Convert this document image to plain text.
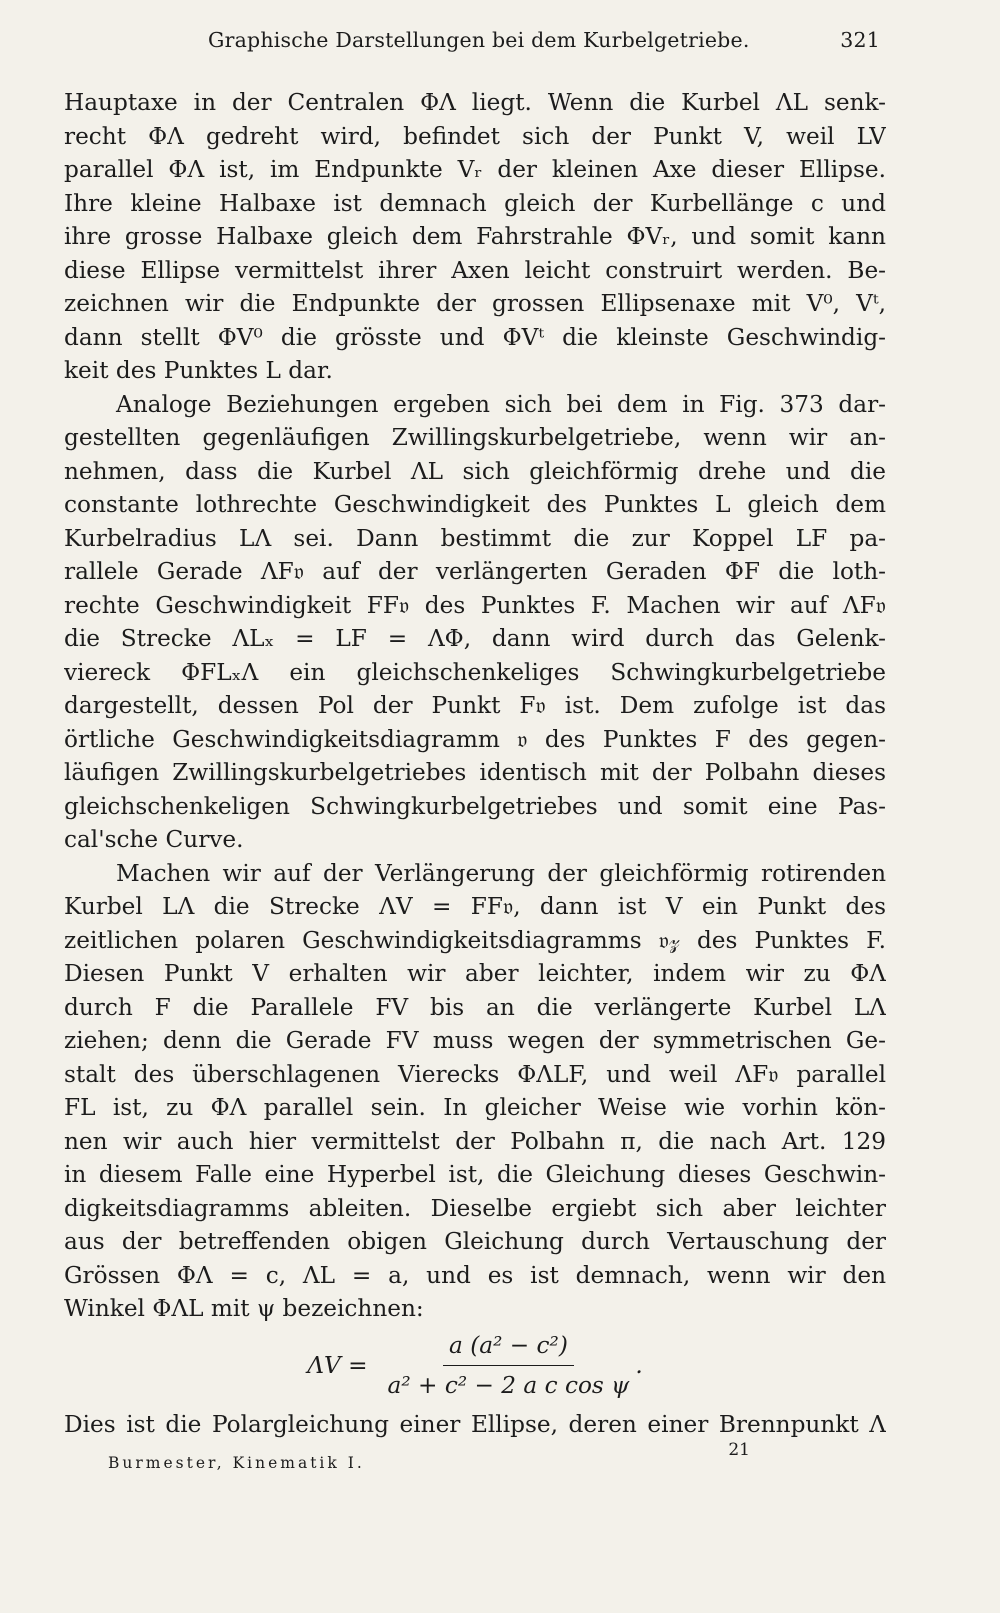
Graphische Darstellungen bei dem Kurbelgetriebe.	321
Hauptaxe in der Centralen ΦΛ liegt. Wenn die Kurbel ΛL senk-
recht ΦΛ gedreht wird, befindet sich der Punkt V, weil LV
parallel ΦΛ ist, im Endpunkte Vᵣ der kleinen Axe dieser Ellipse.
Ihre kleine Halbaxe ist demnach gleich der Kurbellänge c und
ihre grosse Halbaxe gleich dem Fahrstrahle ΦVᵣ, und somit kann
diese Ellipse vermittelst ihrer Axen leicht construirt werden. Be-
zeichnen wir die Endpunkte der grossen Ellipsenaxe mit V⁰, Vᵗ,
dann stellt ΦV⁰ die grösste und ΦVᵗ die kleinste Geschwindig-
keit des Punktes L dar.
Analoge Beziehungen ergeben sich bei dem in Fig. 373 dar-
gestellten gegenläufigen Zwillingskurbelgetriebe, wenn wir an-
nehmen, dass die Kurbel ΛL sich gleichförmig drehe und die
constante lothrechte Geschwindigkeit des Punktes L gleich dem
Kurbelradius LΛ sei. Dann bestimmt die zur Koppel LF pa-
rallele Gerade ΛF𝔳 auf der verlängerten Geraden ΦF die loth-
rechte Geschwindigkeit FF𝔳 des Punktes F. Machen wir auf ΛF𝔳
die Strecke ΛLₓ = LF = ΛΦ, dann wird durch das Gelenk-
viereck ΦFLₓΛ ein gleichschenkeliges Schwingkurbelgetriebe
dargestellt, dessen Pol der Punkt F𝔳 ist. Dem zufolge ist das
örtliche Geschwindigkeitsdiagramm 𝔳 des Punktes F des gegen-
läufigen Zwillingskurbelgetriebes identisch mit der Polbahn dieses
gleichschenkeligen Schwingkurbelgetriebes und somit eine Pas-
cal'sche Curve.
Machen wir auf der Verlängerung der gleichförmig rotirenden
Kurbel LΛ die Strecke ΛV = FF𝔳, dann ist V ein Punkt des
zeitlichen polaren Geschwindigkeitsdiagramms 𝔳𝓏 des Punktes F.
Diesen Punkt V erhalten wir aber leichter, indem wir zu ΦΛ
durch F die Parallele FV bis an die verlängerte Kurbel LΛ
ziehen; denn die Gerade FV muss wegen der symmetrischen Ge-
stalt des überschlagenen Vierecks ΦΛLF, und weil ΛF𝔳 parallel
FL ist, zu ΦΛ parallel sein. In gleicher Weise wie vorhin kön-
nen wir auch hier vermittelst der Polbahn π, die nach Art. 129
in diesem Falle eine Hyperbel ist, die Gleichung dieses Geschwin-
digkeitsdiagramms ableiten. Dieselbe ergiebt sich aber leichter
aus der betreffenden obigen Gleichung durch Vertauschung der
Grössen ΦΛ = c, ΛL = a, und es ist demnach, wenn wir den
Winkel ΦΛL mit ψ bezeichnen:
$\Lambda V = \frac{\text{a (a² − c²)}}{\text{a² + c² − 2 a c cos ψ}}$ .
Dies ist die Polargleichung einer Ellipse, deren einer Brennpunkt Λ
Burmester, Kinematik I.
21
